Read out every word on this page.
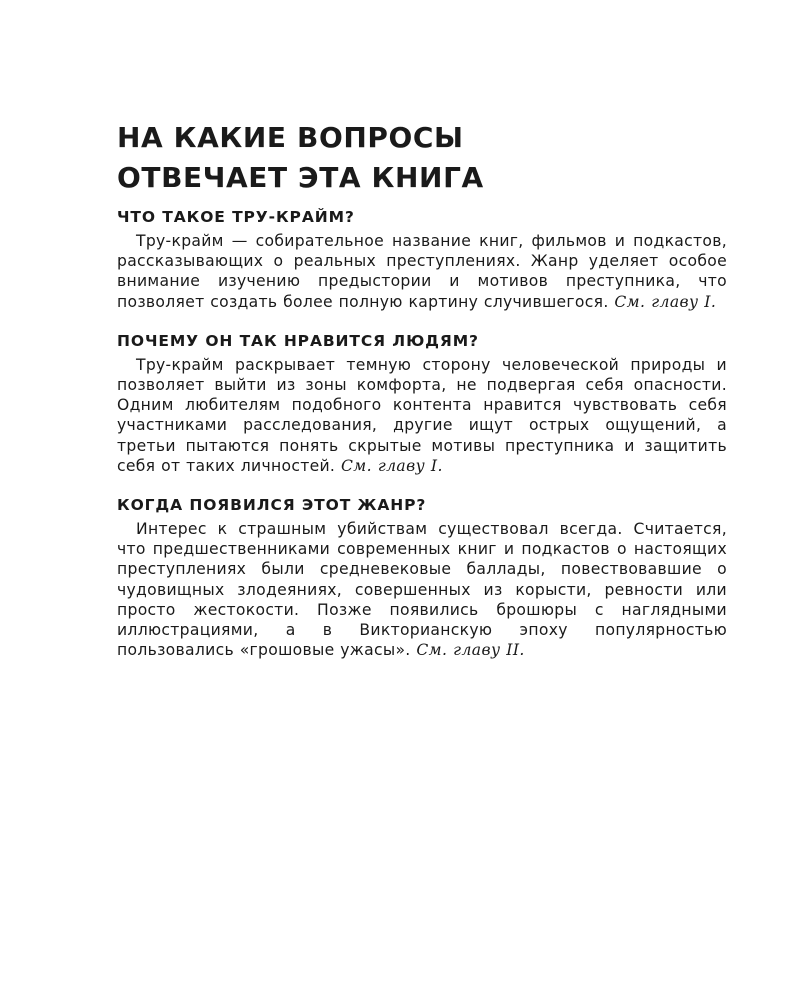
НА КАКИЕ ВОПРОСЫ
ОТВЕЧАЕТ ЭТА КНИГА
ЧТО ТАКОЕ ТРУ-КРАЙМ?

Тру-крайм — собирательное название книг, фильмов и подкастов, рассказывающих о реальных преступлениях. Жанр уделяет особое внимание изучению предыстории и мотивов преступника, что позволяет создать более полную картину случившегося. См. главу I.

ПОЧЕМУ ОН ТАК НРАВИТСЯ ЛЮДЯМ?

Тру-крайм раскрывает темную сторону человеческой природы и позволяет выйти из зоны комфорта, не подвергая себя опасности. Одним любителям подобного контента нравится чувствовать себя участниками расследования, другие ищут острых ощущений, а третьи пытаются понять скрытые мотивы преступника и защитить себя от таких личностей. См. главу I.

КОГДА ПОЯВИЛСЯ ЭТОТ ЖАНР?

Интерес к страшным убийствам существовал всегда. Считается, что предшественниками современных книг и подкастов о настоящих преступлениях были средневековые баллады, повествовавшие о чудовищных злодеяниях, совершенных из корысти, ревности или просто жестокости. Позже появились брошюры с наглядными иллюстрациями, а в Викторианскую эпоху популярностью пользовались «грошовые ужасы». См. главу II.
